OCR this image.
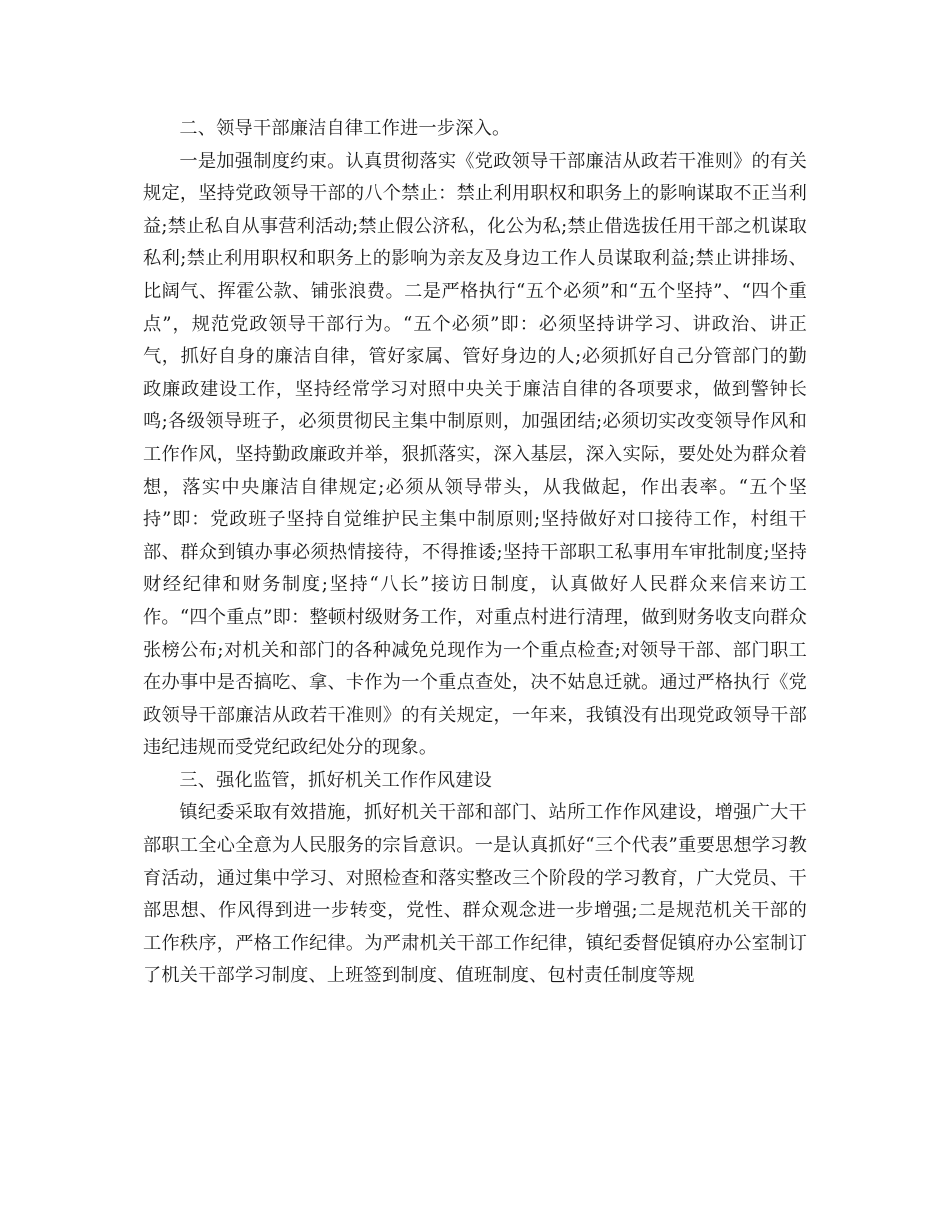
二、领导干部廉洁自律工作进一步深入。

一是加强制度约束。认真贯彻落实《党政领导干部廉洁从政若干准则》的有关规定，坚持党政领导干部的八个禁止：禁止利用职权和职务上的影响谋取不正当利益;禁止私自从事营利活动;禁止假公济私，化公为私;禁止借选拔任用干部之机谋取私利;禁止利用职权和职务上的影响为亲友及身边工作人员谋取利益;禁止讲排场、比阔气、挥霍公款、铺张浪费。二是严格执行“五个必须”和“五个坚持”、“四个重点”，规范党政领导干部行为。“五个必须”即：必须坚持讲学习、讲政治、讲正气，抓好自身的廉洁自律，管好家属、管好身边的人;必须抓好自己分管部门的勤政廉政建设工作，坚持经常学习对照中央关于廉洁自律的各项要求，做到警钟长鸣;各级领导班子，必须贯彻民主集中制原则，加强团结;必须切实改变领导作风和工作作风，坚持勤政廉政并举，狠抓落实，深入基层，深入实际，要处处为群众着想，落实中央廉洁自律规定;必须从领导带头，从我做起，作出表率。“五个坚持”即：党政班子坚持自觉维护民主集中制原则;坚持做好对口接待工作，村组干部、群众到镇办事必须热情接待，不得推诿;坚持干部职工私事用车审批制度;坚持财经纪律和财务制度;坚持“八长”接访日制度，认真做好人民群众来信来访工作。“四个重点”即：整顿村级财务工作，对重点村进行清理，做到财务收支向群众张榜公布;对机关和部门的各种减免兑现作为一个重点检查;对领导干部、部门职工在办事中是否搞吃、拿、卡作为一个重点查处，决不姑息迁就。通过严格执行《党政领导干部廉洁从政若干准则》的有关规定，一年来，我镇没有出现党政领导干部违纪违规而受党纪政纪处分的现象。

三、强化监管，抓好机关工作作风建设

镇纪委采取有效措施，抓好机关干部和部门、站所工作作风建设，增强广大干部职工全心全意为人民服务的宗旨意识。一是认真抓好“三个代表”重要思想学习教育活动，通过集中学习、对照检查和落实整改三个阶段的学习教育，广大党员、干部思想、作风得到进一步转变，党性、群众观念进一步增强;二是规范机关干部的工作秩序，严格工作纪律。为严肃机关干部工作纪律，镇纪委督促镇府办公室制订了机关干部学习制度、上班签到制度、值班制度、包村责任制度等规
